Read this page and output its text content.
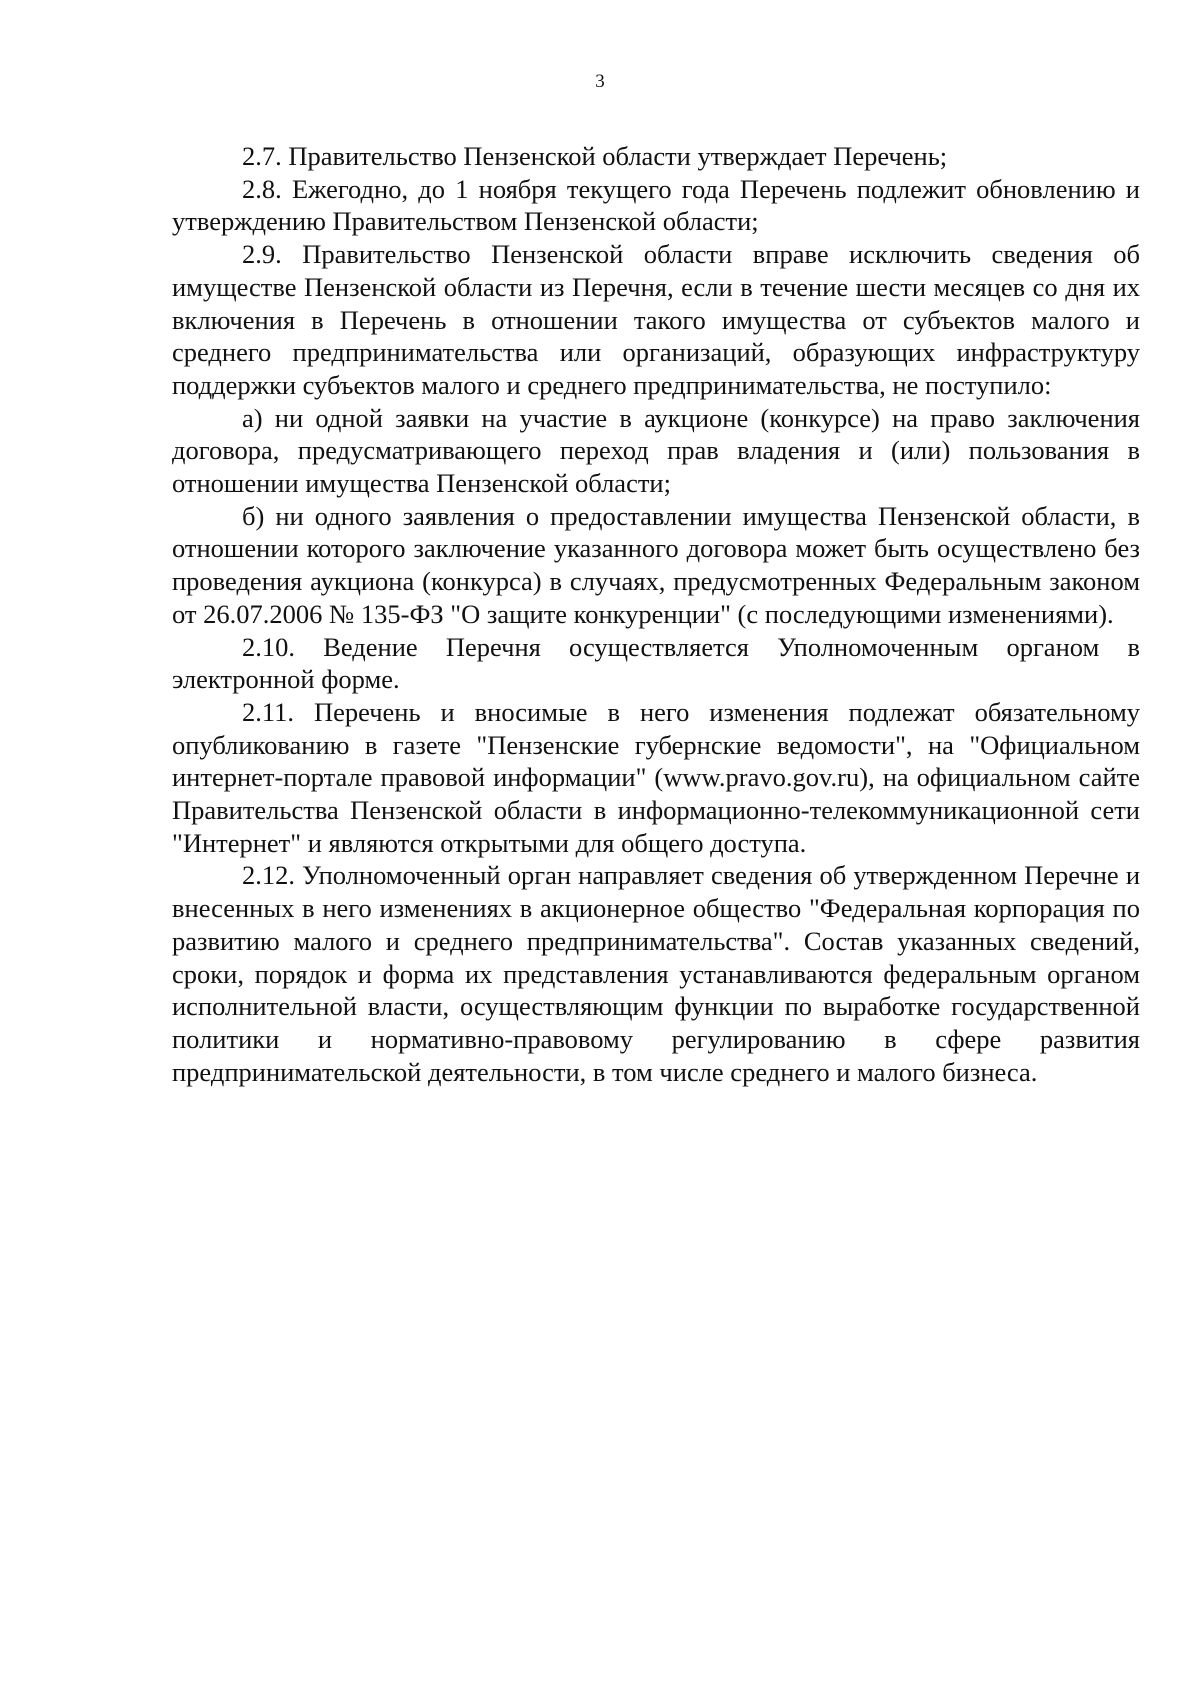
3

2.7. Правительство Пензенской области утверждает Перечень;

2.8. Ежегодно, до 1 ноября текущего года Перечень подлежит обновлению и утверждению Правительством Пензенской области;

2.9. Правительство Пензенской области вправе исключить сведения об имуществе Пензенской области из Перечня, если в течение шести месяцев со дня их включения в Перечень в отношении такого имущества от субъектов малого и среднего предпринимательства или организаций, образующих инфраструктуру поддержки субъектов малого и среднего предпринимательства, не поступило:

а) ни одной заявки на участие в аукционе (конкурсе) на право заключения договора, предусматривающего переход прав владения и (или) пользования в отношении имущества Пензенской области;

б) ни одного заявления о предоставлении имущества Пензенской области, в отношении которого заключение указанного договора может быть осуществлено без проведения аукциона (конкурса) в случаях, предусмотренных Федеральным законом от 26.07.2006 № 135-ФЗ "О защите конкуренции" (с последующими изменениями).

2.10. Ведение Перечня осуществляется Уполномоченным органом в электронной форме.

2.11. Перечень и вносимые в него изменения подлежат обязательному опубликованию в газете "Пензенские губернские ведомости", на "Официальном интернет-портале правовой информации" (www.pravo.gov.ru), на официальном сайте Правительства Пензенской области в информационно-телекоммуникационной сети "Интернет" и являются открытыми для общего доступа.

2.12. Уполномоченный орган направляет сведения об утвержденном Перечне и внесенных в него изменениях в акционерное общество "Федеральная корпорация по развитию малого и среднего предпринимательства". Состав указанных сведений, сроки, порядок и форма их представления устанавливаются федеральным органом исполнительной власти, осуществляющим функции по выработке государственной политики и нормативно-правовому регулированию в сфере развития предпринимательской деятельности, в том числе среднего и малого бизнеса.
